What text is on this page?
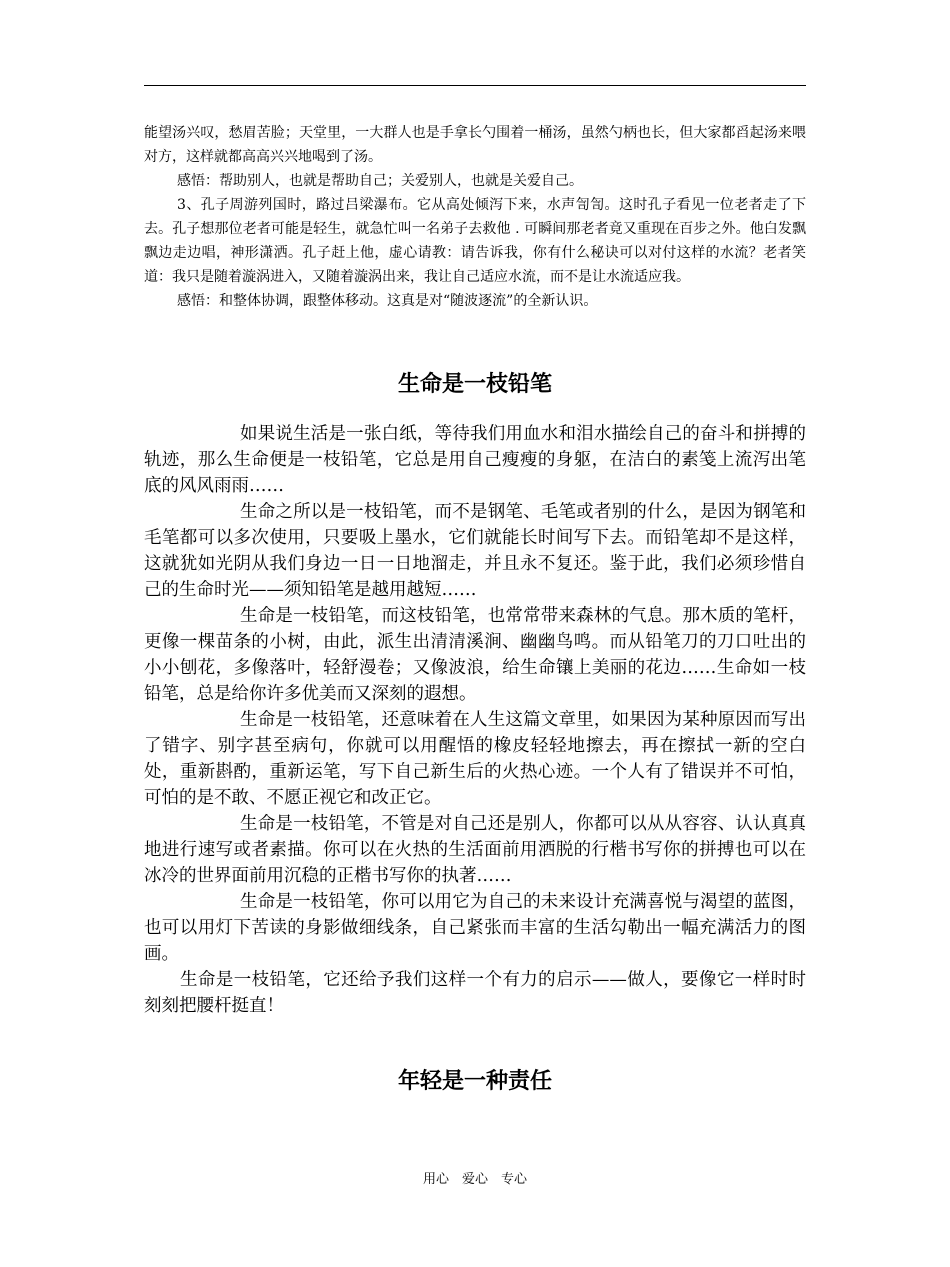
能望汤兴叹，愁眉苦脸；天堂里，一大群人也是手拿长勺围着一桶汤，虽然勺柄也长，但大家都舀起汤来喂对方，这样就都高高兴兴地喝到了汤。

感悟：帮助别人，也就是帮助自己；关爱别人，也就是关爱自己。

3、孔子周游列国时，路过吕梁瀑布。它从高处倾泻下来，水声訇訇。这时孔子看见一位老者走了下去。孔子想那位老者可能是轻生，就急忙叫一名弟子去救他 . 可瞬间那老者竟又重现在百步之外。他白发飘飘边走边唱，神形潇洒。孔子赶上他，虚心请教：请告诉我，你有什么秘诀可以对付这样的水流？老者笑道：我只是随着漩涡进入，又随着漩涡出来，我让自己适应水流，而不是让水流适应我。

感悟：和整体协调，跟整体移动。这真是对“随波逐流”的全新认识。

生命是一枝铅笔

如果说生活是一张白纸，等待我们用血水和泪水描绘自己的奋斗和拼搏的轨迹，那么生命便是一枝铅笔，它总是用自己瘦瘦的身躯，在洁白的素笺上流泻出笔底的风风雨雨……

生命之所以是一枝铅笔，而不是钢笔、毛笔或者别的什么，是因为钢笔和毛笔都可以多次使用，只要吸上墨水，它们就能长时间写下去。而铅笔却不是这样，这就犹如光阴从我们身边一日一日地溜走，并且永不复还。鉴于此，我们必须珍惜自己的生命时光——须知铅笔是越用越短……

生命是一枝铅笔，而这枝铅笔，也常常带来森林的气息。那木质的笔杆，更像一棵苗条的小树，由此，派生出清清溪涧、幽幽鸟鸣。而从铅笔刀的刀口吐出的小小刨花，多像落叶，轻舒漫卷；又像波浪，给生命镶上美丽的花边……生命如一枝铅笔，总是给你许多优美而又深刻的遐想。

生命是一枝铅笔，还意味着在人生这篇文章里，如果因为某种原因而写出了错字、别字甚至病句，你就可以用醒悟的橡皮轻轻地擦去，再在擦拭一新的空白处，重新斟酌，重新运笔，写下自己新生后的火热心迹。一个人有了错误并不可怕，可怕的是不敢、不愿正视它和改正它。

生命是一枝铅笔，不管是对自己还是别人，你都可以从从容容、认认真真地进行速写或者素描。你可以在火热的生活面前用洒脱的行楷书写你的拼搏也可以在冰冷的世界面前用沉稳的正楷书写你的执著……

生命是一枝铅笔，你可以用它为自己的未来设计充满喜悦与渴望的蓝图，也可以用灯下苦读的身影做细线条，自己紧张而丰富的生活勾勒出一幅充满活力的图画。

生命是一枝铅笔，它还给予我们这样一个有力的启示——做人，要像它一样时时刻刻把腰杆挺直！

年轻是一种责任
用心　爱心　专心
